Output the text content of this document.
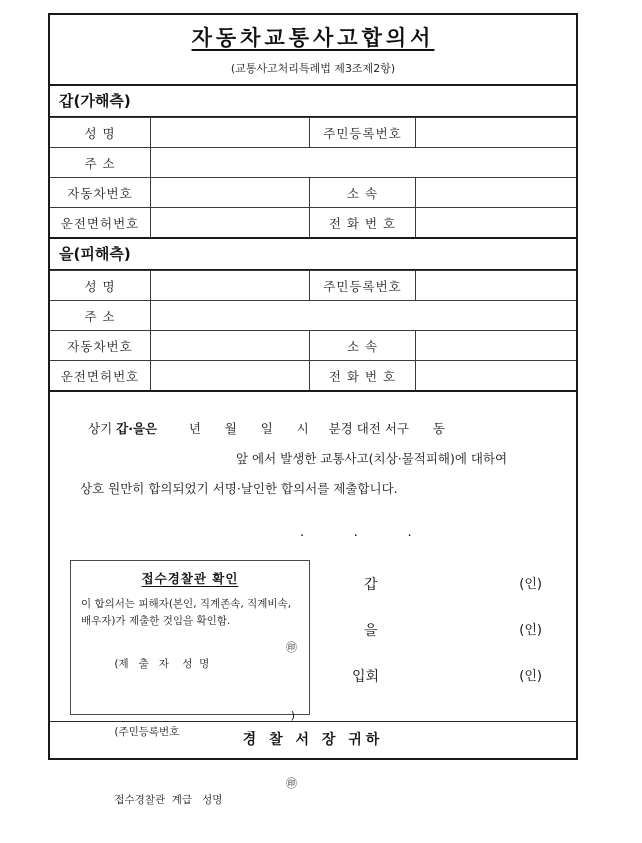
자동차교통사고합의서
(교통사고처리특례법 제3조제2항)
갑(가해측)
성 명		주민등록번호	
주 소			
자동차번호		소 속	
운전면허번호		전 화 번 호	
을(피해측)
성 명		주민등록번호	
주 소			
자동차번호		소 속	
운전면허번호		전 화 번 호	
상기 갑·을은        년      월      일      시     분경 대전 서구      동
앞 에서 발생한 교통사고(치상·물적피해)에 대하여
상호 원만히 합의되었기 서명·날인한 합의서를 제출합니다.
.            .            .
접수경찰관 확인
이 합의서는 피해자(본인, 직계존속, 직계비속, 배우자)가 제출한 것임을 확인함.

(제   출   자    성  명

㊞

(주민등록번호                    －

)

접수경찰관  계급   성명

㊞

갑	(인)
을	(인)
입회	(인)
경 찰 서 장 귀하
